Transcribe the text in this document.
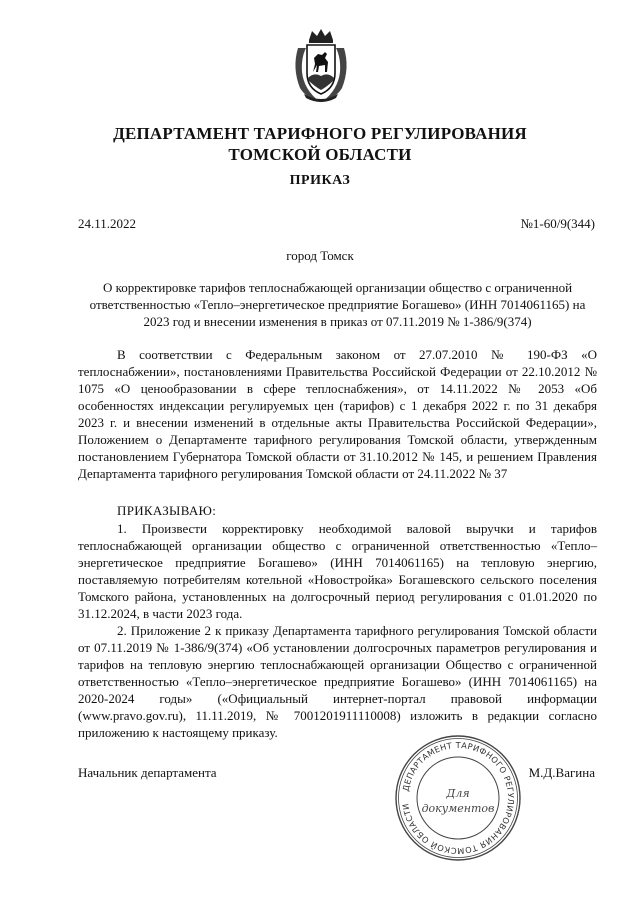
ДЕПАРТАМЕНТ ТАРИФНОГО РЕГУЛИРОВАНИЯ
ТОМСКОЙ ОБЛАСТИ
ПРИКАЗ
24.11.2022	№1-60/9(344)
город Томск
О корректировке тарифов теплоснабжающей организации общество с ограниченной ответственностью «Тепло–энергетическое предприятие Богашево» (ИНН 7014061165) на 2023 год и внесении изменения в приказ от 07.11.2019 № 1-386/9(374)

В соответствии с Федеральным законом от 27.07.2010 № 190-ФЗ «О теплоснабжении», постановлениями Правительства Российской Федерации от 22.10.2012 № 1075 «О ценообразовании в сфере теплоснабжения», от 14.11.2022 № 2053 «Об особенностях индексации регулируемых цен (тарифов) с 1 декабря 2022 г. по 31 декабря 2023 г. и внесении изменений в отдельные акты Правительства Российской Федерации», Положением о Департаменте тарифного регулирования Томской области, утвержденным постановлением Губернатора Томской области от 31.10.2012 № 145, и решением Правления Департамента тарифного регулирования Томской области от 24.11.2022 № 37

ПРИКАЗЫВАЮ:

1. Произвести корректировку необходимой валовой выручки и тарифов теплоснабжающей организации общество с ограниченной ответственностью «Тепло–энергетическое предприятие Богашево» (ИНН 7014061165) на тепловую энергию, поставляемую потребителям котельной «Новостройка» Богашевского сельского поселения Томского района, установленных на долгосрочный период регулирования с 01.01.2020 по 31.12.2024, в части 2023 года.

2. Приложение 2 к приказу Департамента тарифного регулирования Томской области от 07.11.2019 № 1-386/9(374) «Об установлении долгосрочных параметров регулирования и тарифов на тепловую энергию теплоснабжающей организации Общество с ограниченной ответственностью «Тепло–энергетическое предприятие Богашево» (ИНН 7014061165) на 2020-2024 годы» («Официальный интернет-портал правовой информации (www.pravo.gov.ru), 11.11.2019, № 7001201911110008) изложить в редакции согласно приложению к настоящему приказу.

Начальник департамента	М.Д.Вагина
ДЕПАРТАМЕНТ ТАРИФНОГО РЕГУЛИРОВАНИЯ ТОМСКОЙ ОБЛАСТИ
Для
документов
